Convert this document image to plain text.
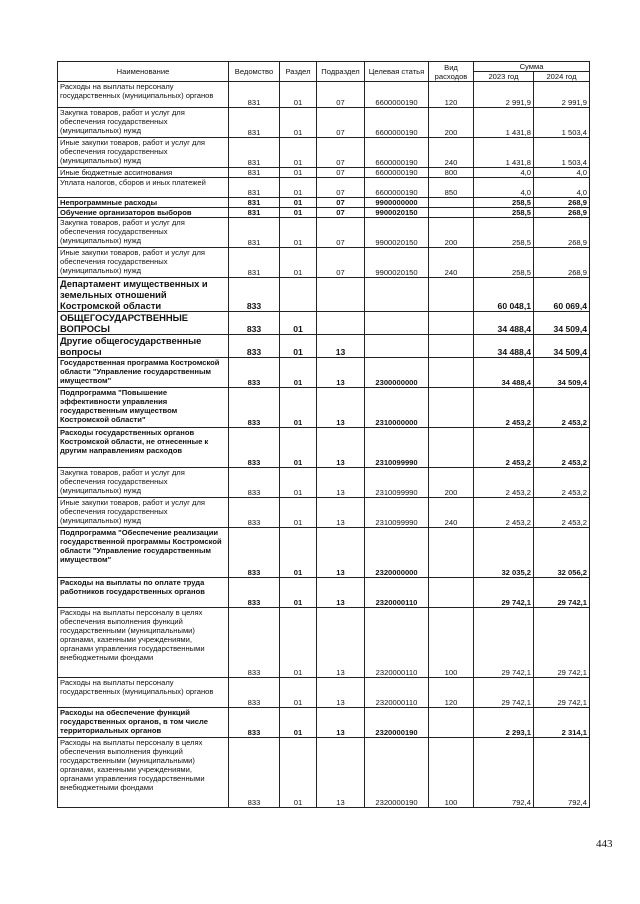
Наименование	Ведомство	Раздел	Подраздел	Целевая статья	Вид расходов	Сумма	
						2023 год	2024 год
Расходы на выплаты персоналу государственных (муниципальных) органов	831	01	07	6600000190	120	2 991,9	2 991,9
Закупка товаров, работ и услуг для обеспечения государственных (муниципальных) нужд	831	01	07	6600000190	200	1 431,8	1 503,4
Иные закупки товаров, работ и услуг для обеспечения государственных (муниципальных) нужд	831	01	07	6600000190	240	1 431,8	1 503,4
Иные бюджетные ассигнования	831	01	07	6600000190	800	4,0	4,0
Уплата налогов, сборов и иных платежей	831	01	07	6600000190	850	4,0	4,0
Непрограммные расходы	831	01	07	9900000000		258,5	268,9
Обучение организаторов выборов	831	01	07	9900020150		258,5	268,9
Закупка товаров, работ и услуг для обеспечения государственных (муниципальных) нужд	831	01	07	9900020150	200	258,5	268,9
Иные закупки товаров, работ и услуг для обеспечения государственных (муниципальных) нужд	831	01	07	9900020150	240	258,5	268,9
Департамент имущественных и земельных отношений Костромской области	833					60 048,1	60 069,4
ОБЩЕГОСУДАРСТВЕННЫЕ ВОПРОСЫ	833	01				34 488,4	34 509,4
Другие общегосударственные вопросы	833	01	13			34 488,4	34 509,4
Государственная программа Костромской области "Управление государственным имуществом"	833	01	13	2300000000		34 488,4	34 509,4
Подпрограмма "Повышение эффективности управления государственным имуществом Костромской области"	833	01	13	2310000000		2 453,2	2 453,2
Расходы государственных органов Костромской области, не отнесенные к другим направлениям расходов	833	01	13	2310099990		2 453,2	2 453,2
Закупка товаров, работ и услуг для обеспечения государственных (муниципальных) нужд	833	01	13	2310099990	200	2 453,2	2 453,2
Иные закупки товаров, работ и услуг для обеспечения государственных (муниципальных) нужд	833	01	13	2310099990	240	2 453,2	2 453,2
Подпрограмма "Обеспечение реализации государственной программы Костромской области "Управление государственным имуществом"	833	01	13	2320000000		32 035,2	32 056,2
Расходы на выплаты по оплате труда работников государственных органов	833	01	13	2320000110		29 742,1	29 742,1
Расходы на выплаты персоналу в целях обеспечения выполнения функций государственными (муниципальными) органами, казенными учреждениями, органами управления государственными внебюджетными фондами	833	01	13	2320000110	100	29 742,1	29 742,1
Расходы на выплаты персоналу государственных (муниципальных) органов	833	01	13	2320000110	120	29 742,1	29 742,1
Расходы на обеспечение функций государственных органов, в том числе территориальных органов	833	01	13	2320000190		2 293,1	2 314,1
Расходы на выплаты персоналу в целях обеспечения выполнения функций государственными (муниципальными) органами, казенными учреждениями, органами управления государственными внебюджетными фондами	833	01	13	2320000190	100	792,4	792,4
443
